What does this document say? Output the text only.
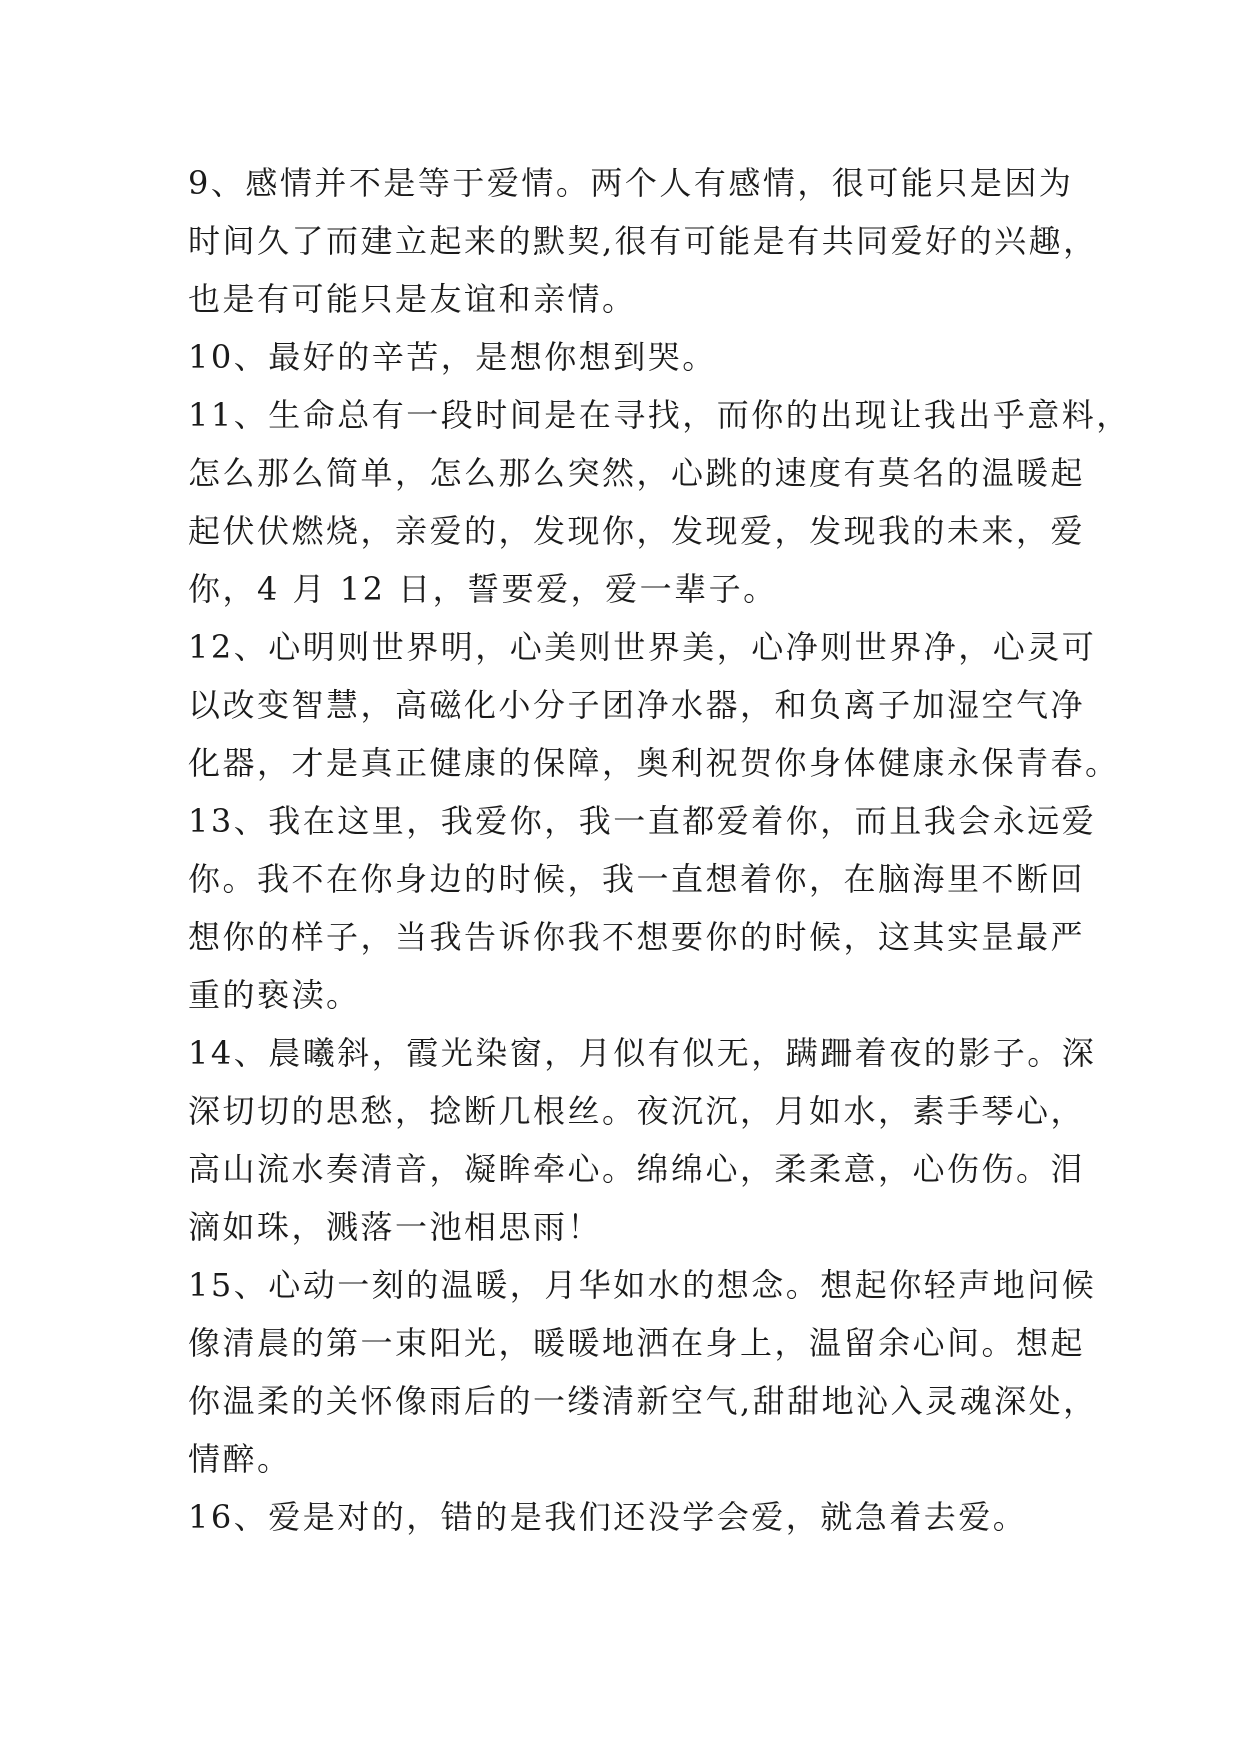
9、感情并不是等于爱情。两个人有感情，很可能只是因为
时间久了而建立起来的默契,很有可能是有共同爱好的兴趣，
也是有可能只是友谊和亲情。
10、最好的辛苦，是想你想到哭。
11、生命总有一段时间是在寻找，而你的出现让我出乎意料，
怎么那么简单，怎么那么突然，心跳的速度有莫名的温暖起
起伏伏燃烧，亲爱的，发现你，发现爱，发现我的未来，爱
你，4 月 12 日，誓要爱，爱一辈子。
12、心明则世界明，心美则世界美，心净则世界净，心灵可
以改变智慧，高磁化小分子团净水器，和负离子加湿空气净
化器，才是真正健康的保障，奥利祝贺你身体健康永保青春。
13、我在这里，我爱你，我一直都爱着你，而且我会永远爱
你。我不在你身边的时候，我一直想着你，在脑海里不断回
想你的样子，当我告诉你我不想要你的时候，这其实昰最严
重的亵渎。
14、晨曦斜，霞光染窗，月似有似无，蹒跚着夜的影子。深
深切切的思愁，捻断几根丝。夜沉沉，月如水，素手琴心，
高山流水奏清音，凝眸牵心。绵绵心，柔柔意，心伤伤。泪
滴如珠，溅落一池相思雨！
15、心动一刻的温暖，月华如水的想念。想起你轻声地问候
像清晨的第一束阳光，暖暖地洒在身上，温留余心间。想起
你温柔的关怀像雨后的一缕清新空气,甜甜地沁入灵魂深处，
情醉。
16、爱是对的，错的是我们还没学会爱，就急着去爱。
